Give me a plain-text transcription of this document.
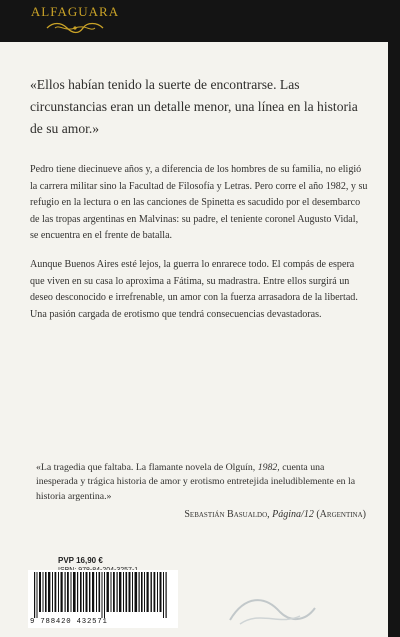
ALFAGUARA

«Ellos habían tenido la suerte de encontrarse. Las circunstancias eran un detalle menor, una línea en la historia de su amor.»

Pedro tiene diecinueve años y, a diferencia de los hombres de su familia, no eligió la carrera militar sino la Facultad de Filosofía y Letras. Pero corre el año 1982, y su refugio en la lectura o en las canciones de Spinetta es sacudido por el desembarco de las tropas argentinas en Malvinas: su padre, el teniente coronel Augusto Vidal, se encuentra en el frente de batalla.

Aunque Buenos Aires esté lejos, la guerra lo enrarece todo. El compás de espera que viven en su casa lo aproxima a Fátima, su madrastra. Entre ellos surgirá un deseo desconocido e irrefrenable, un amor con la fuerza arrasadora de la libertad. Una pasión cargada de erotismo que tendrá consecuencias devastadoras.

«La tragedia que faltaba. La flamante novela de Olguín, 1982, cuenta una inesperada y trágica historia de amor y erotismo entretejida ineludiblemente en la historia argentina.»

Sebastián Basualdo, Página/12 (Argentina)

PVP 16,90 €
9 788420 432571
